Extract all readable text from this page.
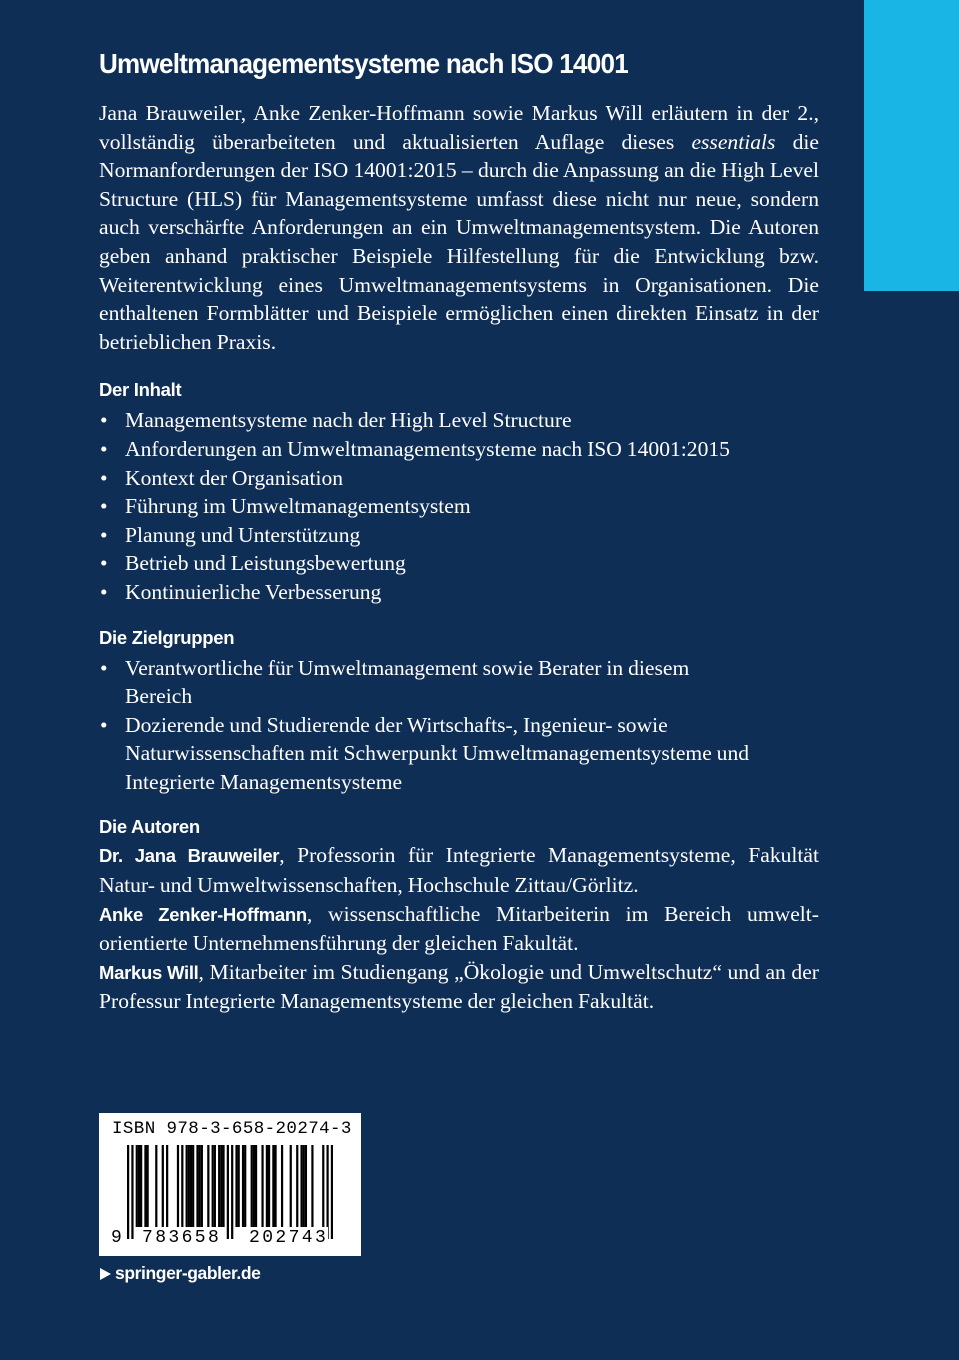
Umweltmanagementsysteme nach ISO 14001

Jana Brauweiler, Anke Zenker-Hoffmann sowie Markus Will erläutern in der 2., vollständig überarbeiteten und aktualisierten Auflage dieses essentials die Normanforderungen der ISO 14001:2015 – durch die Anpassung an die High Level Structure (HLS) für Managementsysteme umfasst diese nicht nur neue, sondern auch verschärfte Anforderungen an ein Umweltmanagementsystem. Die Autoren geben anhand praktischer Beispiele Hilfestellung für die Entwicklung bzw. Weiterentwicklung eines Umweltmanagementsystems in Organisationen. Die enthaltenen Formblätter und Beispiele ermöglichen einen direkten Einsatz in der betrieblichen Praxis.

Der Inhalt
• Managementsysteme nach der High Level Structure
• Anforderungen an Umweltmanagementsysteme nach ISO 14001:2015
• Kontext der Organisation
• Führung im Umweltmanagementsystem
• Planung und Unterstützung
• Betrieb und Leistungsbewertung
• Kontinuierliche Verbesserung
Die Zielgruppen
• Verantwortliche für Umweltmanagement sowie Berater in diesem Bereich
• Dozierende und Studierende der Wirtschafts-, Ingenieur- sowie Naturwissenschaften mit Schwerpunkt Umweltmanagementsysteme und Integrierte Managementsysteme
Die Autoren

Dr. Jana Brauweiler, Professorin für Integrierte Managementsysteme, Fakultät Natur- und Umweltwissenschaften, Hochschule Zittau/Görlitz.

Anke Zenker-Hoffmann, wissenschaftliche Mitarbeiterin im Bereich umweltorientierte Unternehmensführung der gleichen Fakultät.

Markus Will, Mitarbeiter im Studiengang „Ökologie und Umweltschutz“ und an der Professur Integrierte Managementsysteme der gleichen Fakultät.

ISBN 978-3-658-20274-3
9 783658 202743
springer-gabler.de
